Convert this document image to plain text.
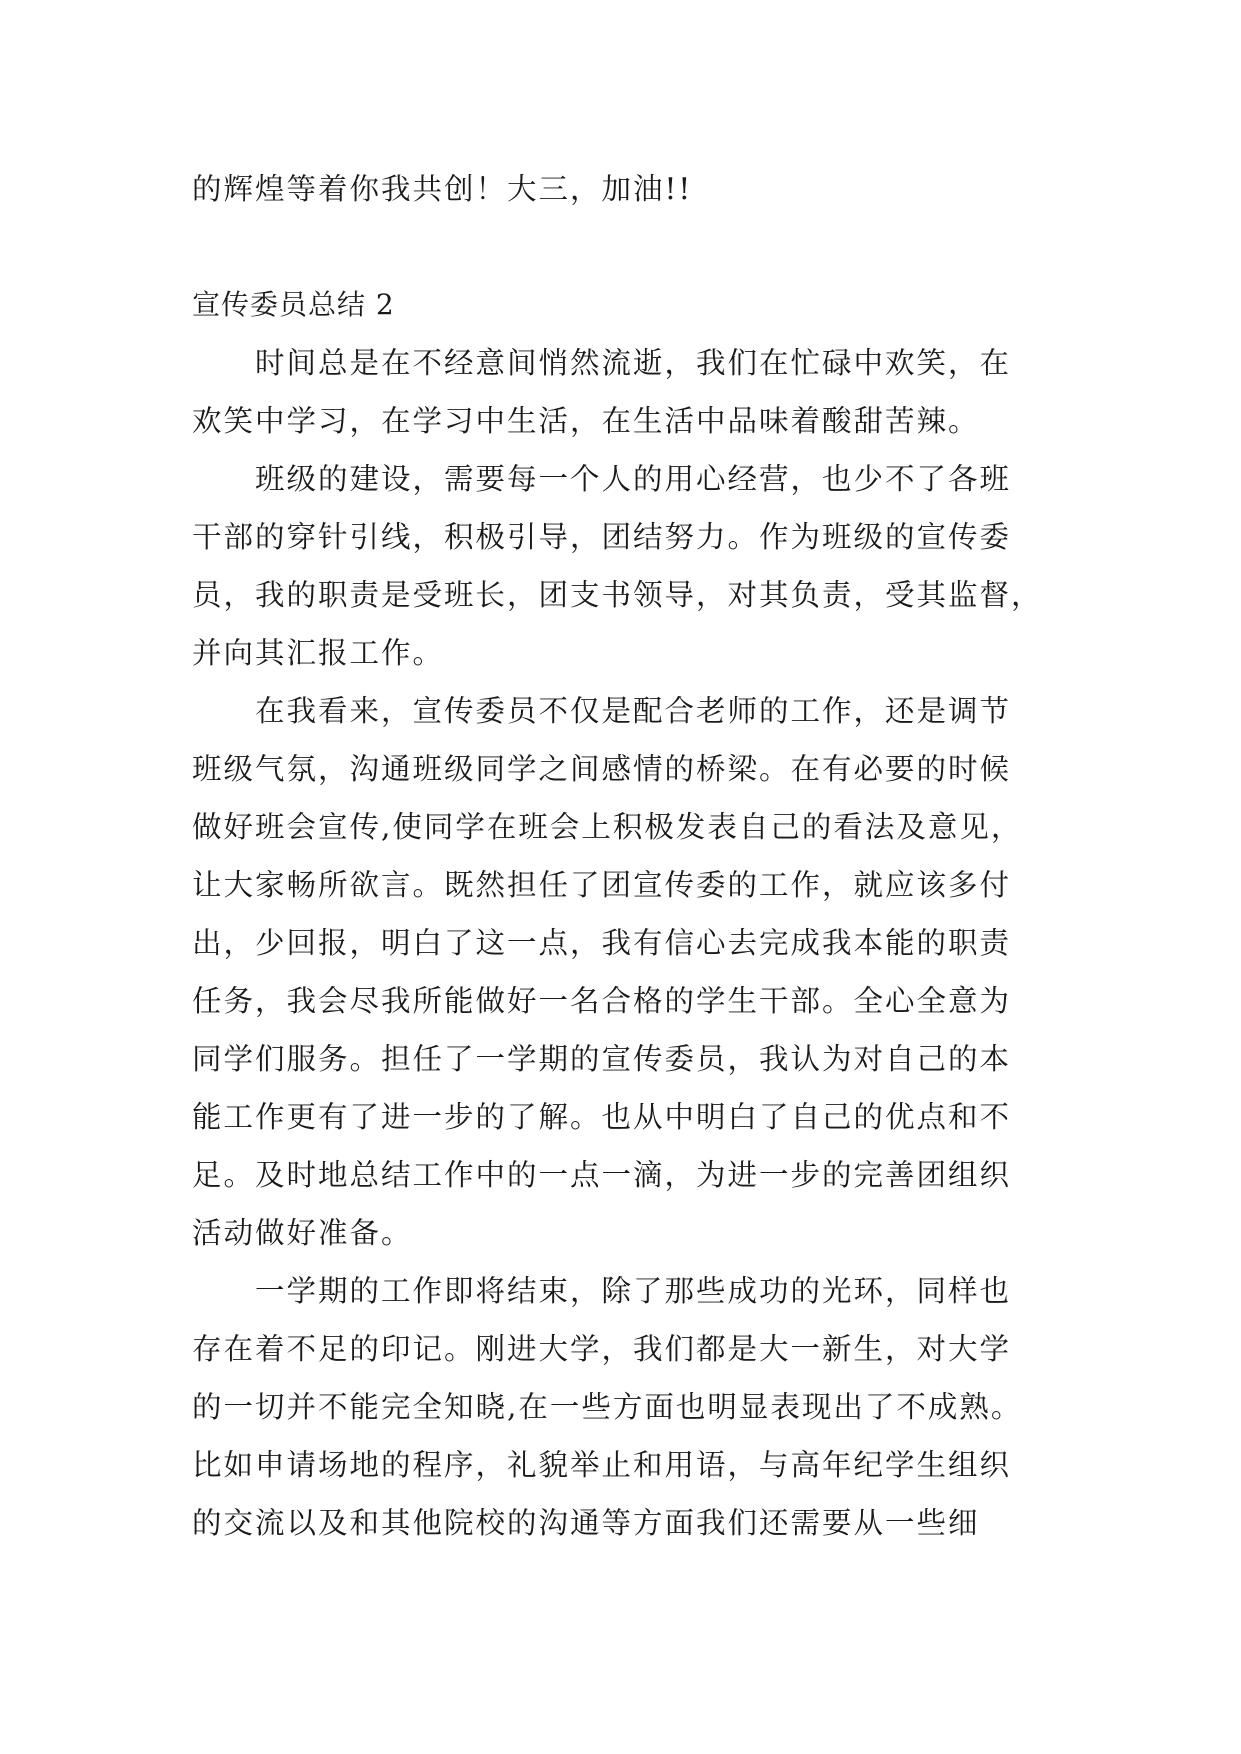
的辉煌等着你我共创！大三，加油!!

宣传委员总结 2

　　时间总是在不经意间悄然流逝，我们在忙碌中欢笑，在

欢笑中学习，在学习中生活，在生活中品味着酸甜苦辣。

　　班级的建设，需要每一个人的用心经营，也少不了各班

干部的穿针引线，积极引导，团结努力。作为班级的宣传委

员，我的职责是受班长，团支书领导，对其负责，受其监督，

并向其汇报工作。

　　在我看来，宣传委员不仅是配合老师的工作，还是调节

班级气氛，沟通班级同学之间感情的桥梁。在有必要的时候

做好班会宣传,使同学在班会上积极发表自己的看法及意见，

让大家畅所欲言。既然担任了团宣传委的工作，就应该多付

出，少回报，明白了这一点，我有信心去完成我本能的职责

任务，我会尽我所能做好一名合格的学生干部。全心全意为

同学们服务。担任了一学期的宣传委员，我认为对自己的本

能工作更有了进一步的了解。也从中明白了自己的优点和不

足。及时地总结工作中的一点一滴，为进一步的完善团组织

活动做好准备。

　　一学期的工作即将结束，除了那些成功的光环，同样也

存在着不足的印记。刚进大学，我们都是大一新生，对大学

的一切并不能完全知晓,在一些方面也明显表现出了不成熟。

比如申请场地的程序，礼貌举止和用语，与高年纪学生组织

的交流以及和其他院校的沟通等方面我们还需要从一些细
